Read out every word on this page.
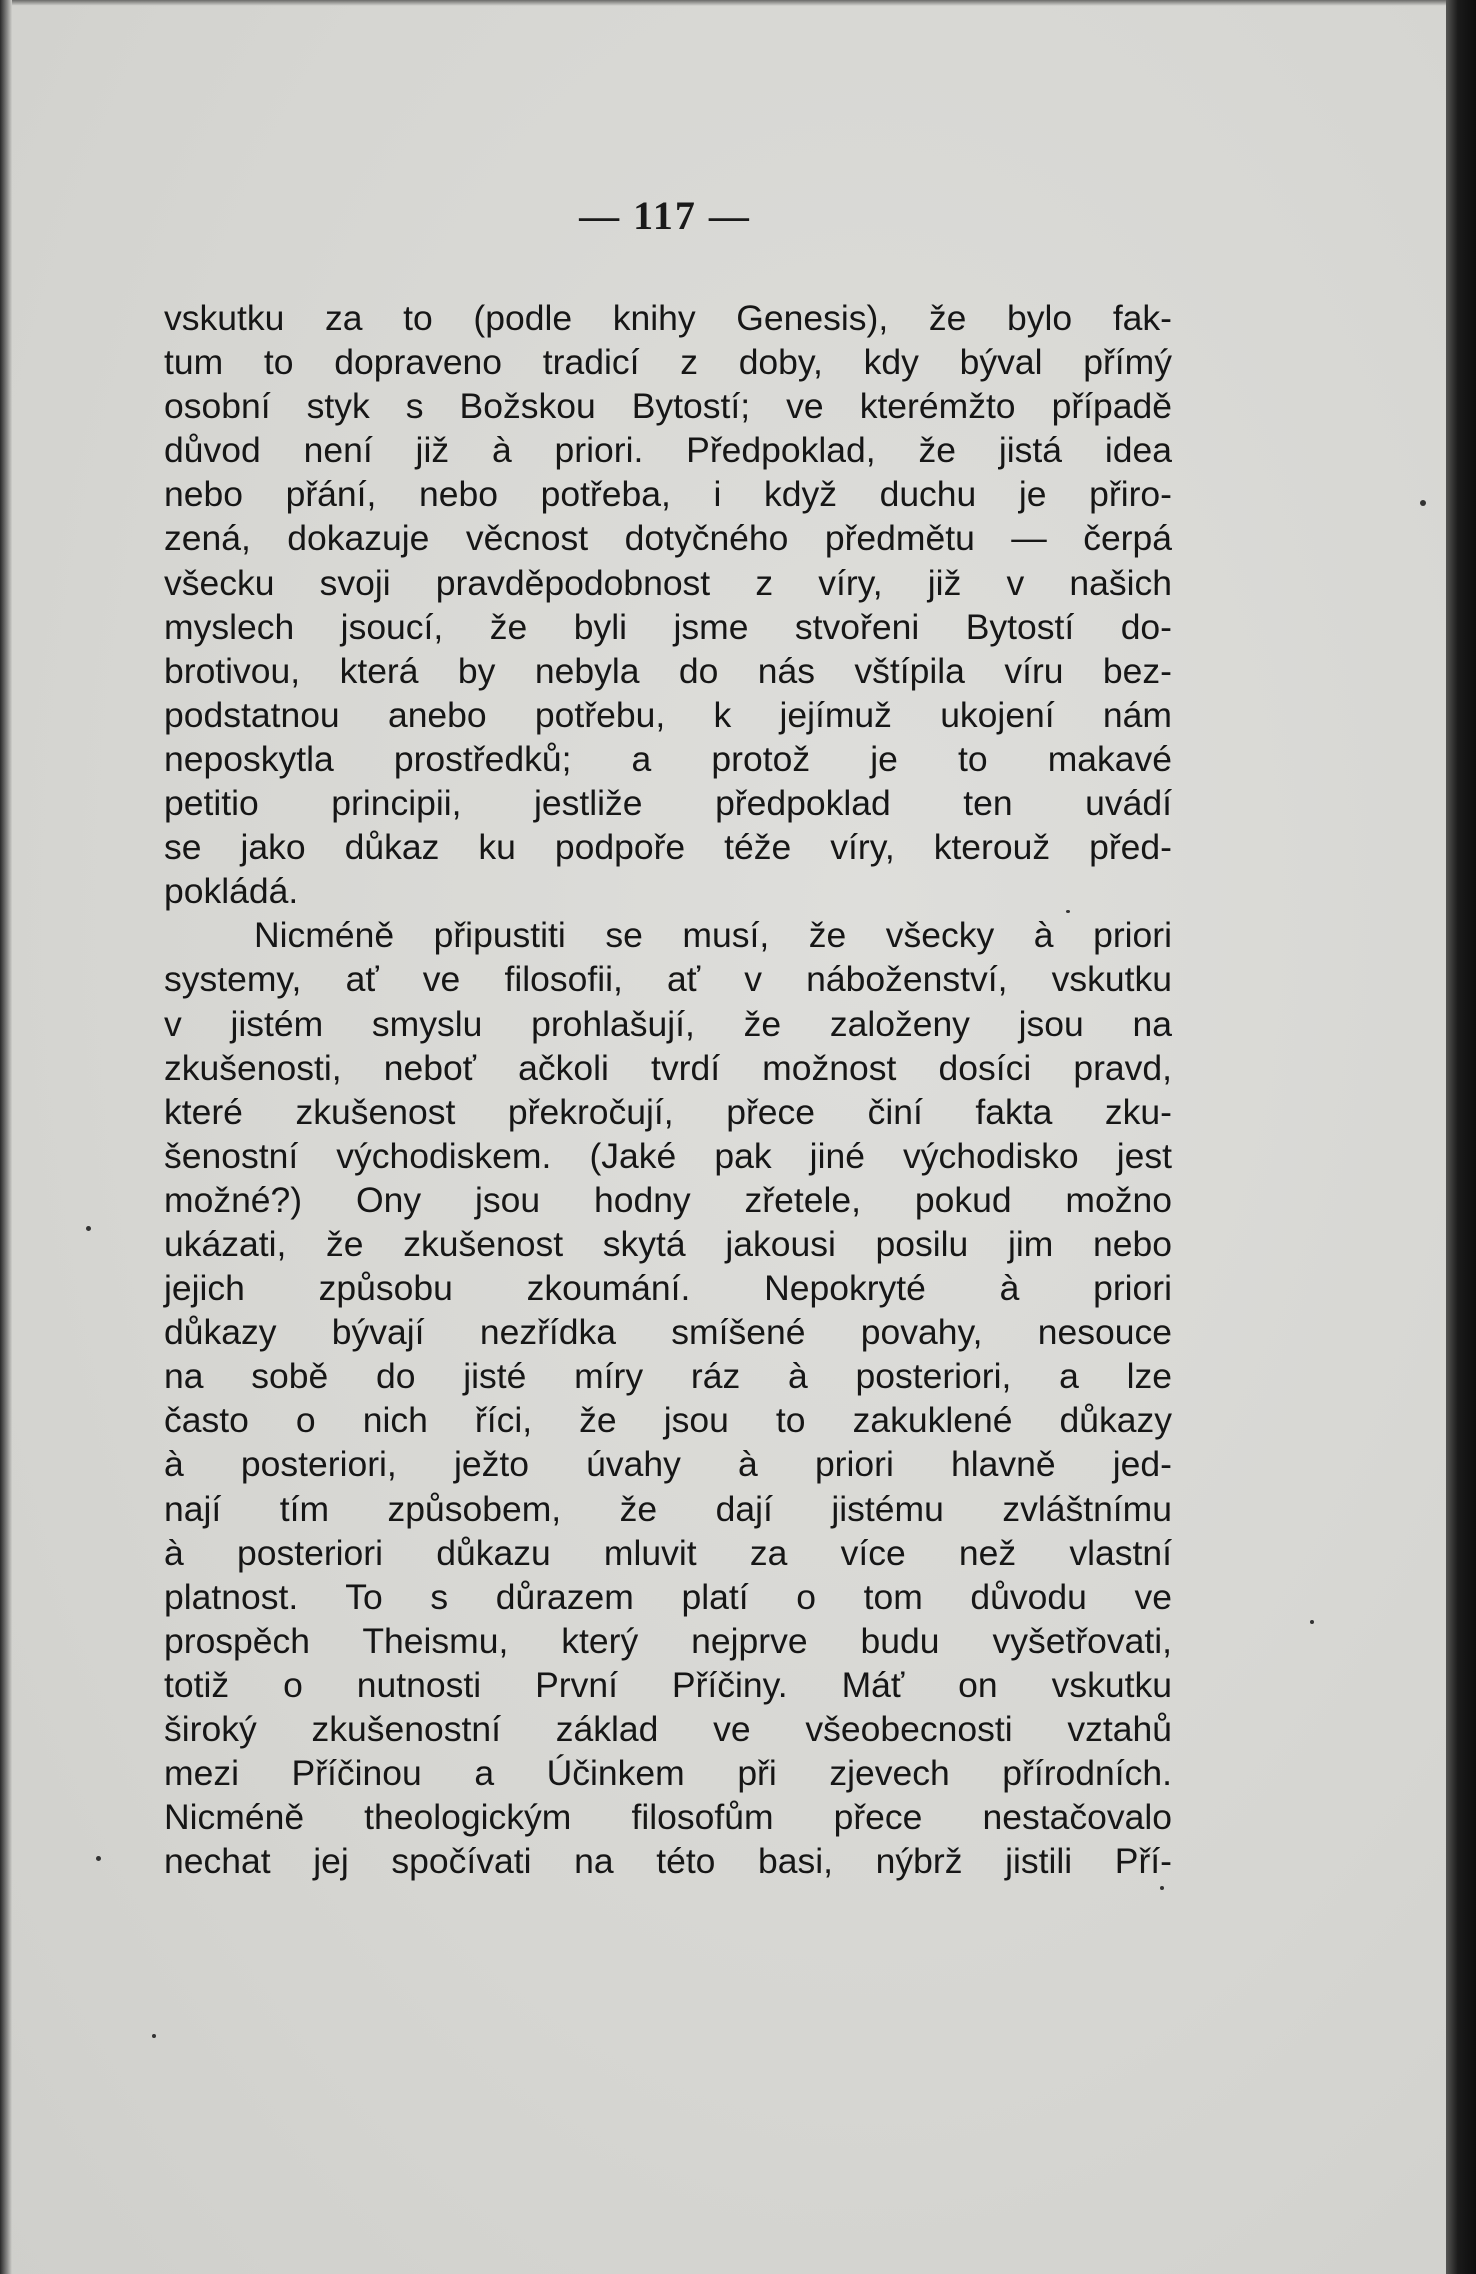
— 117 —
vskutku za to (podle knihy Genesis), že bylo fak-
tum to dopraveno tradicí z doby, kdy býval přímý
osobní styk s Božskou Bytostí; ve kterémžto případě
důvod není již à priori. Předpoklad, že jistá idea
nebo přání, nebo potřeba, i když duchu je přiro-
zená, dokazuje věcnost dotyčného předmětu — čerpá
všecku svoji pravděpodobnost z víry, již v našich
myslech jsoucí, že byli jsme stvořeni Bytostí do-
brotivou, která by nebyla do nás vštípila víru bez-
podstatnou anebo potřebu, k jejímuž ukojení nám
neposkytla prostředků; a protož je to makavé
petitio principii, jestliže předpoklad ten uvádí
se jako důkaz ku podpoře téže víry, kterouž před-
pokládá.
Nicméně připustiti se musí, že všecky à priori
systemy, ať ve filosofii, ať v náboženství, vskutku
v jistém smyslu prohlašují, že založeny jsou na
zkušenosti, neboť ačkoli tvrdí možnost dosíci pravd,
které zkušenost překročují, přece činí fakta zku-
šenostní východiskem. (Jaké pak jiné východisko jest
možné?) Ony jsou hodny zřetele, pokud možno
ukázati, že zkušenost skytá jakousi posilu jim nebo
jejich způsobu zkoumání. Nepokryté à priori
důkazy bývají nezřídka smíšené povahy, nesouce
na sobě do jisté míry ráz à posteriori, a lze
často o nich říci, že jsou to zakuklené důkazy
à posteriori, ježto úvahy à priori hlavně jed-
nají tím způsobem, že dají jistému zvláštnímu
à posteriori důkazu mluvit za více než vlastní
platnost. To s důrazem platí o tom důvodu ve
prospěch Theismu, který nejprve budu vyšetřovati,
totiž o nutnosti První Příčiny. Máť on vskutku
široký zkušenostní základ ve všeobecnosti vztahů
mezi Příčinou a Účinkem při zjevech přírodních.
Nicméně theologickým filosofům přece nestačovalo
nechat jej spočívati na této basi, nýbrž jistili Pří-
